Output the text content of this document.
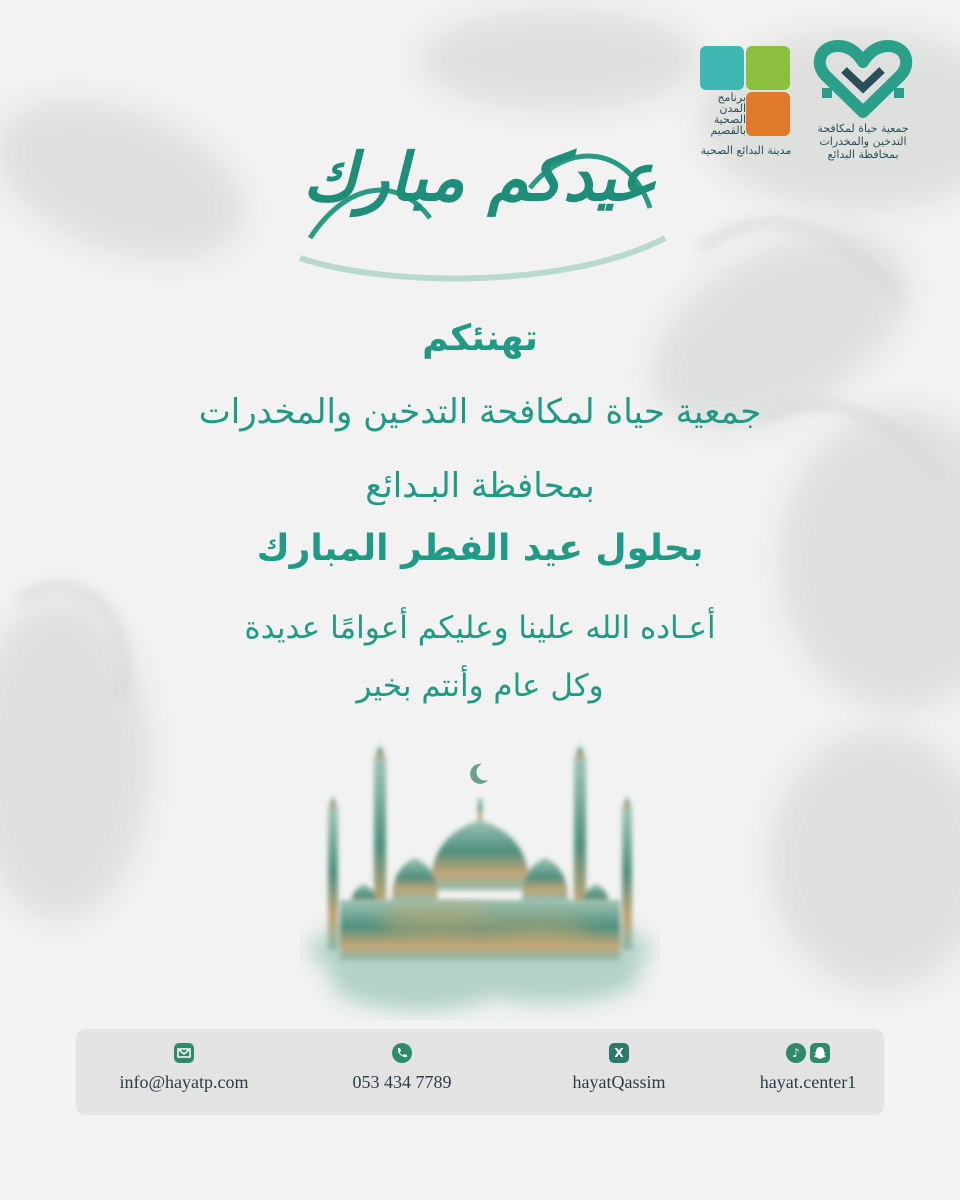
جمعية حياة لمكافحة
التدخين والمخدرات
بمحافظة البدائع
برنامج
المدن
الصحية
بالقصيم
مدينة البدائع الصحية
عيدكم مبارك
تهنئكم
جمعية حياة لمكافحة التدخين والمخدرات
بمحافظة البـدائع
بحلول عيد الفطر المبارك
أعـاده الله علينا وعليكم أعوامًا عديدة
وكل عام وأنتم بخير
info@hayatp.com	053 434 7789
X
hayatQassim
♪
hayat.center1
